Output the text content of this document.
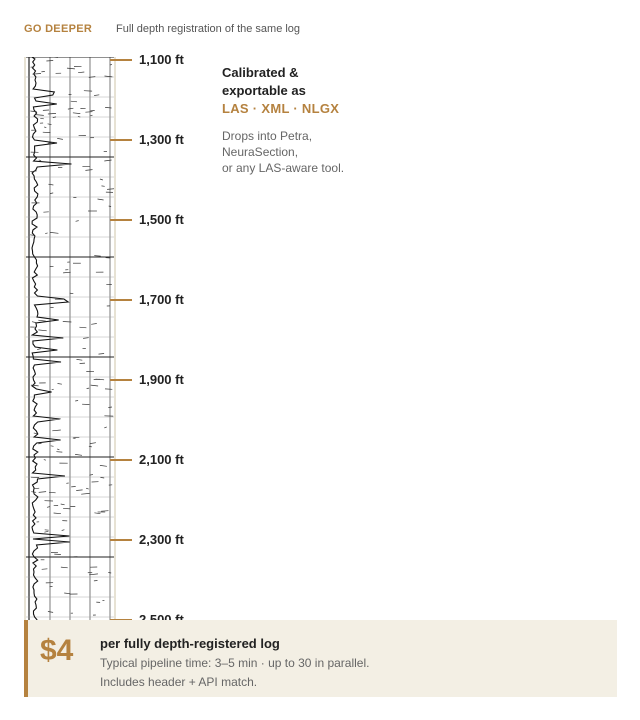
GO DEEPER Full depth registration of the same log
1,100 ft
1,300 ft
1,500 ft
1,700 ft
1,900 ft
2,100 ft
2,300 ft
Calibrated &
exportable as
LAS · XML · NLGX
Drops into Petra,
NeuraSection,
or any LAS-aware tool.
$4 per fully depth-registered log
Typical pipeline time: 3–5 min · up to 30 in parallel.
Includes header + API match.
